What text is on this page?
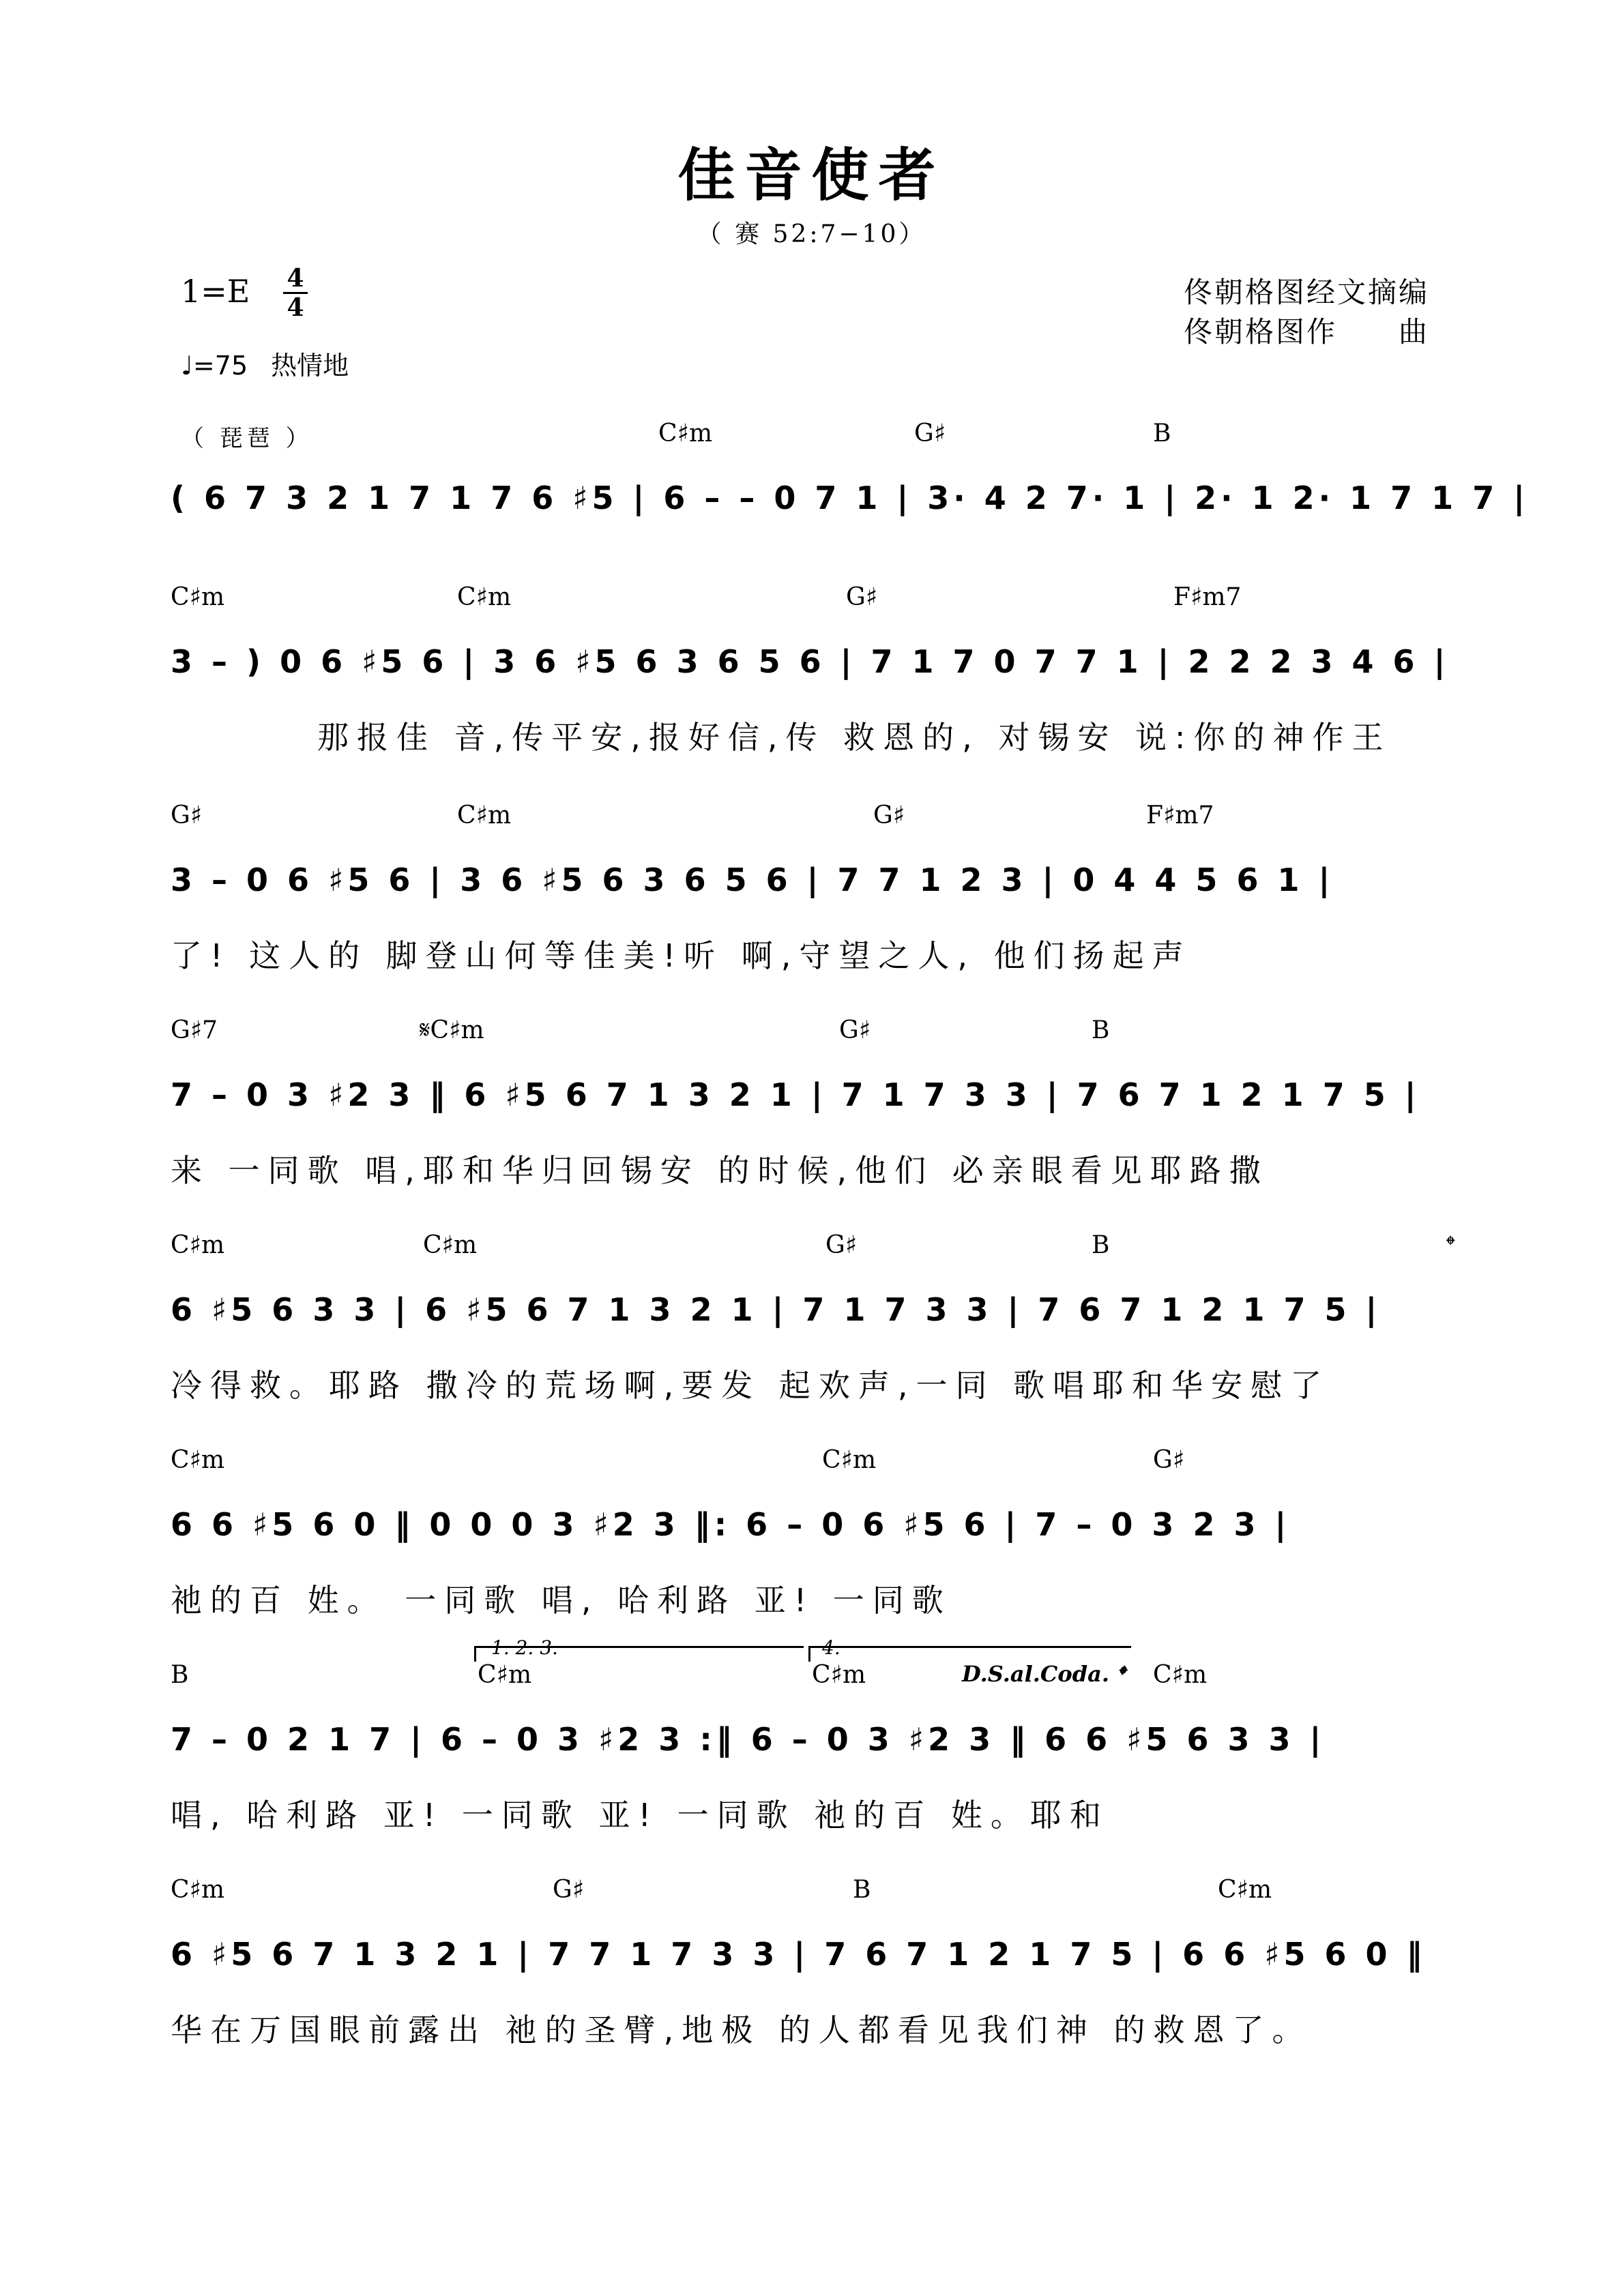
佳音使者
（ 赛 52:7−10）
1=E 4
4
♩=75 热情地
佟朝格图经文摘编
佟朝格图作　　曲
（ 琵琶 ）	C♯m	G♯	B
( 6 7 3 2 1 7 1 7 6 ♯5 | 6 – – 0 7 1 | 3· 4 2 7· 1 | 2· 1 2· 1 7 1 7 |
C♯m	C♯m	G♯	F♯m7
3 – ) 0 6 ♯5 6 | 3 6 ♯5 6 3 6 5 6 | 7 1 7 0 7 7 1 | 2 2 2 3 4 6 |
那报佳 音,传平安,报好信,传 救恩的, 对锡安 说:你的神作王
G♯	C♯m	G♯	F♯m7
3 – 0 6 ♯5 6 | 3 6 ♯5 6 3 6 5 6 | 7 7 1 2 3 | 0 4 4 5 6 1 |
了! 这人的 脚登山何等佳美!听 啊,守望之人, 他们扬起声
G♯7	𝄋C♯m	G♯	B
7 – 0 3 ♯2 3 ‖ 6 ♯5 6 7 1 3 2 1 | 7 1 7 3 3 | 7 6 7 1 2 1 7 5 |
来 一同歌 唱,耶和华归回锡安 的时候,他们 必亲眼看见耶路撒
C♯m	C♯m	G♯	B	𝄌
6 ♯5 6 3 3 | 6 ♯5 6 7 1 3 2 1 | 7 1 7 3 3 | 7 6 7 1 2 1 7 5 |
冷得救。耶路 撒冷的荒场啊,要发 起欢声,一同 歌唱耶和华安慰了
C♯m	C♯m	G♯
6 6 ♯5 6 0 ‖ 0 0 0 3 ♯2 3 ‖: 6 – 0 6 ♯5 6 | 7 – 0 3 2 3 |
祂的百 姓。 一同歌 唱, 哈利路 亚! 一同歌
1. 2. 3.	4.
B	C♯m	C♯m	D.S.al.Coda. 𝄌 C♯m
7 – 0 2 1 7 | 6 – 0 3 ♯2 3 :‖ 6 – 0 3 ♯2 3 ‖ 6 6 ♯5 6 3 3 |
唱, 哈利路 亚! 一同歌 亚! 一同歌 祂的百 姓。耶和
C♯m	G♯	B	C♯m
6 ♯5 6 7 1 3 2 1 | 7 7 1 7 3 3 | 7 6 7 1 2 1 7 5 | 6 6 ♯5 6 0 ‖
华在万国眼前露出 祂的圣臂,地极 的人都看见我们神 的救恩了。
